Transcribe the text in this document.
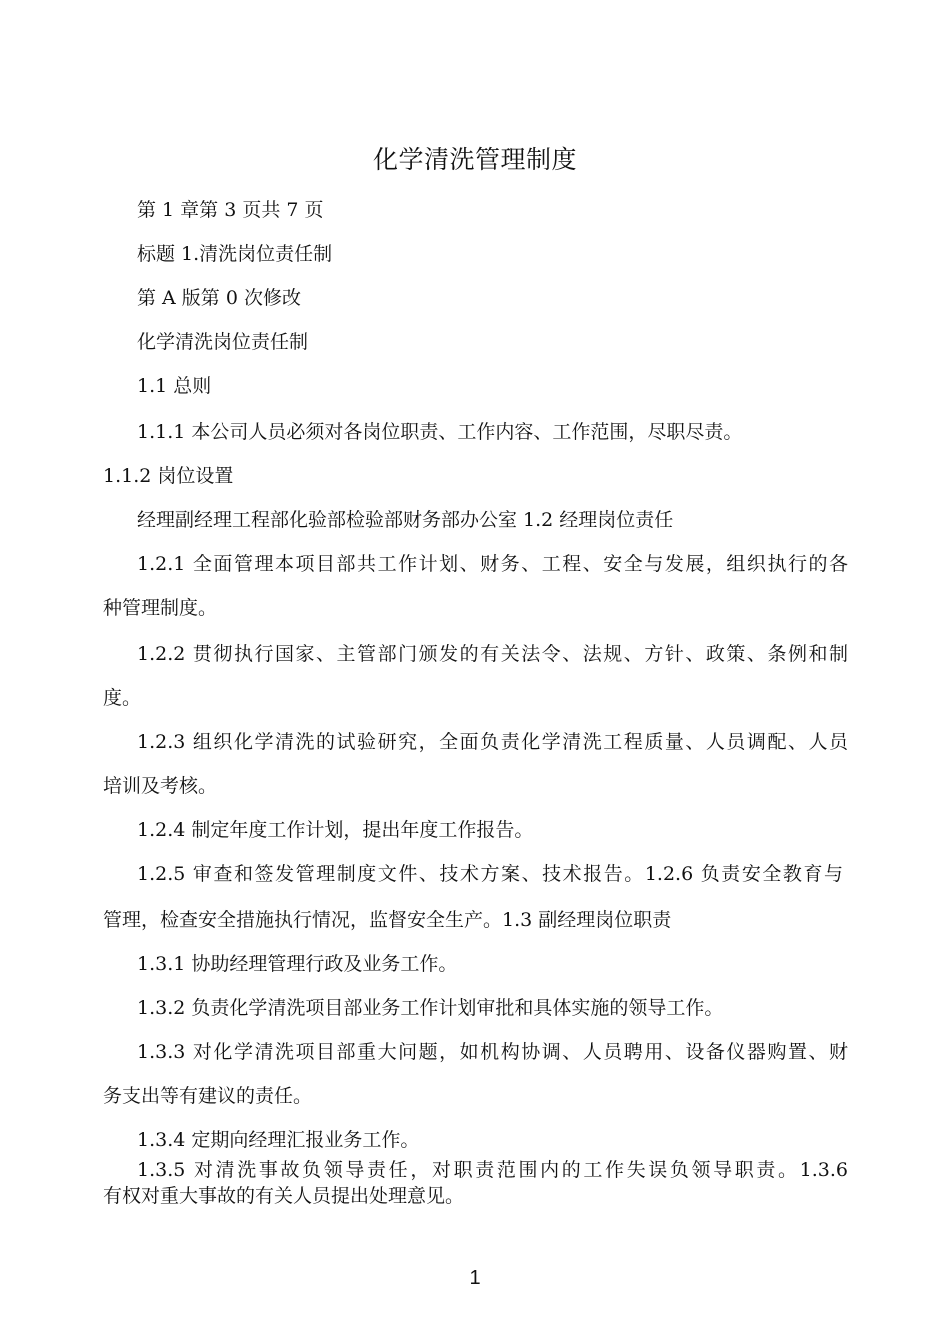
化学清洗管理制度
第 1 章第 3 页共 7 页
标题 1.清洗岗位责任制
第 A 版第 0 次修改
化学清洗岗位责任制
1.1 总则
1.1.1 本公司人员必须对各岗位职责、工作内容、工作范围，尽职尽责。
1.1.2 岗位设置
经理副经理工程部化验部检验部财务部办公室 1.2 经理岗位责任
1.2.1 全面管理本项目部共工作计划、财务、工程、安全与发展，组织执行的各
种管理制度。
1.2.2 贯彻执行国家、主管部门颁发的有关法令、法规、方针、政策、条例和制
度。
1.2.3 组织化学清洗的试验研究，全面负责化学清洗工程质量、人员调配、人员
培训及考核。
1.2.4 制定年度工作计划，提出年度工作报告。
1.2.5 审查和签发管理制度文件、技术方案、技术报告。1.2.6 负责安全教育与
管理，检查安全措施执行情况，监督安全生产。1.3 副经理岗位职责
1.3.1 协助经理管理行政及业务工作。
1.3.2 负责化学清洗项目部业务工作计划审批和具体实施的领导工作。
1.3.3 对化学清洗项目部重大问题，如机构协调、人员聘用、设备仪器购置、财
务支出等有建议的责任。
1.3.4 定期向经理汇报业务工作。
1.3.5 对清洗事故负领导责任，对职责范围内的工作失误负领导职责。1.3.6
有权对重大事故的有关人员提出处理意见。
1
